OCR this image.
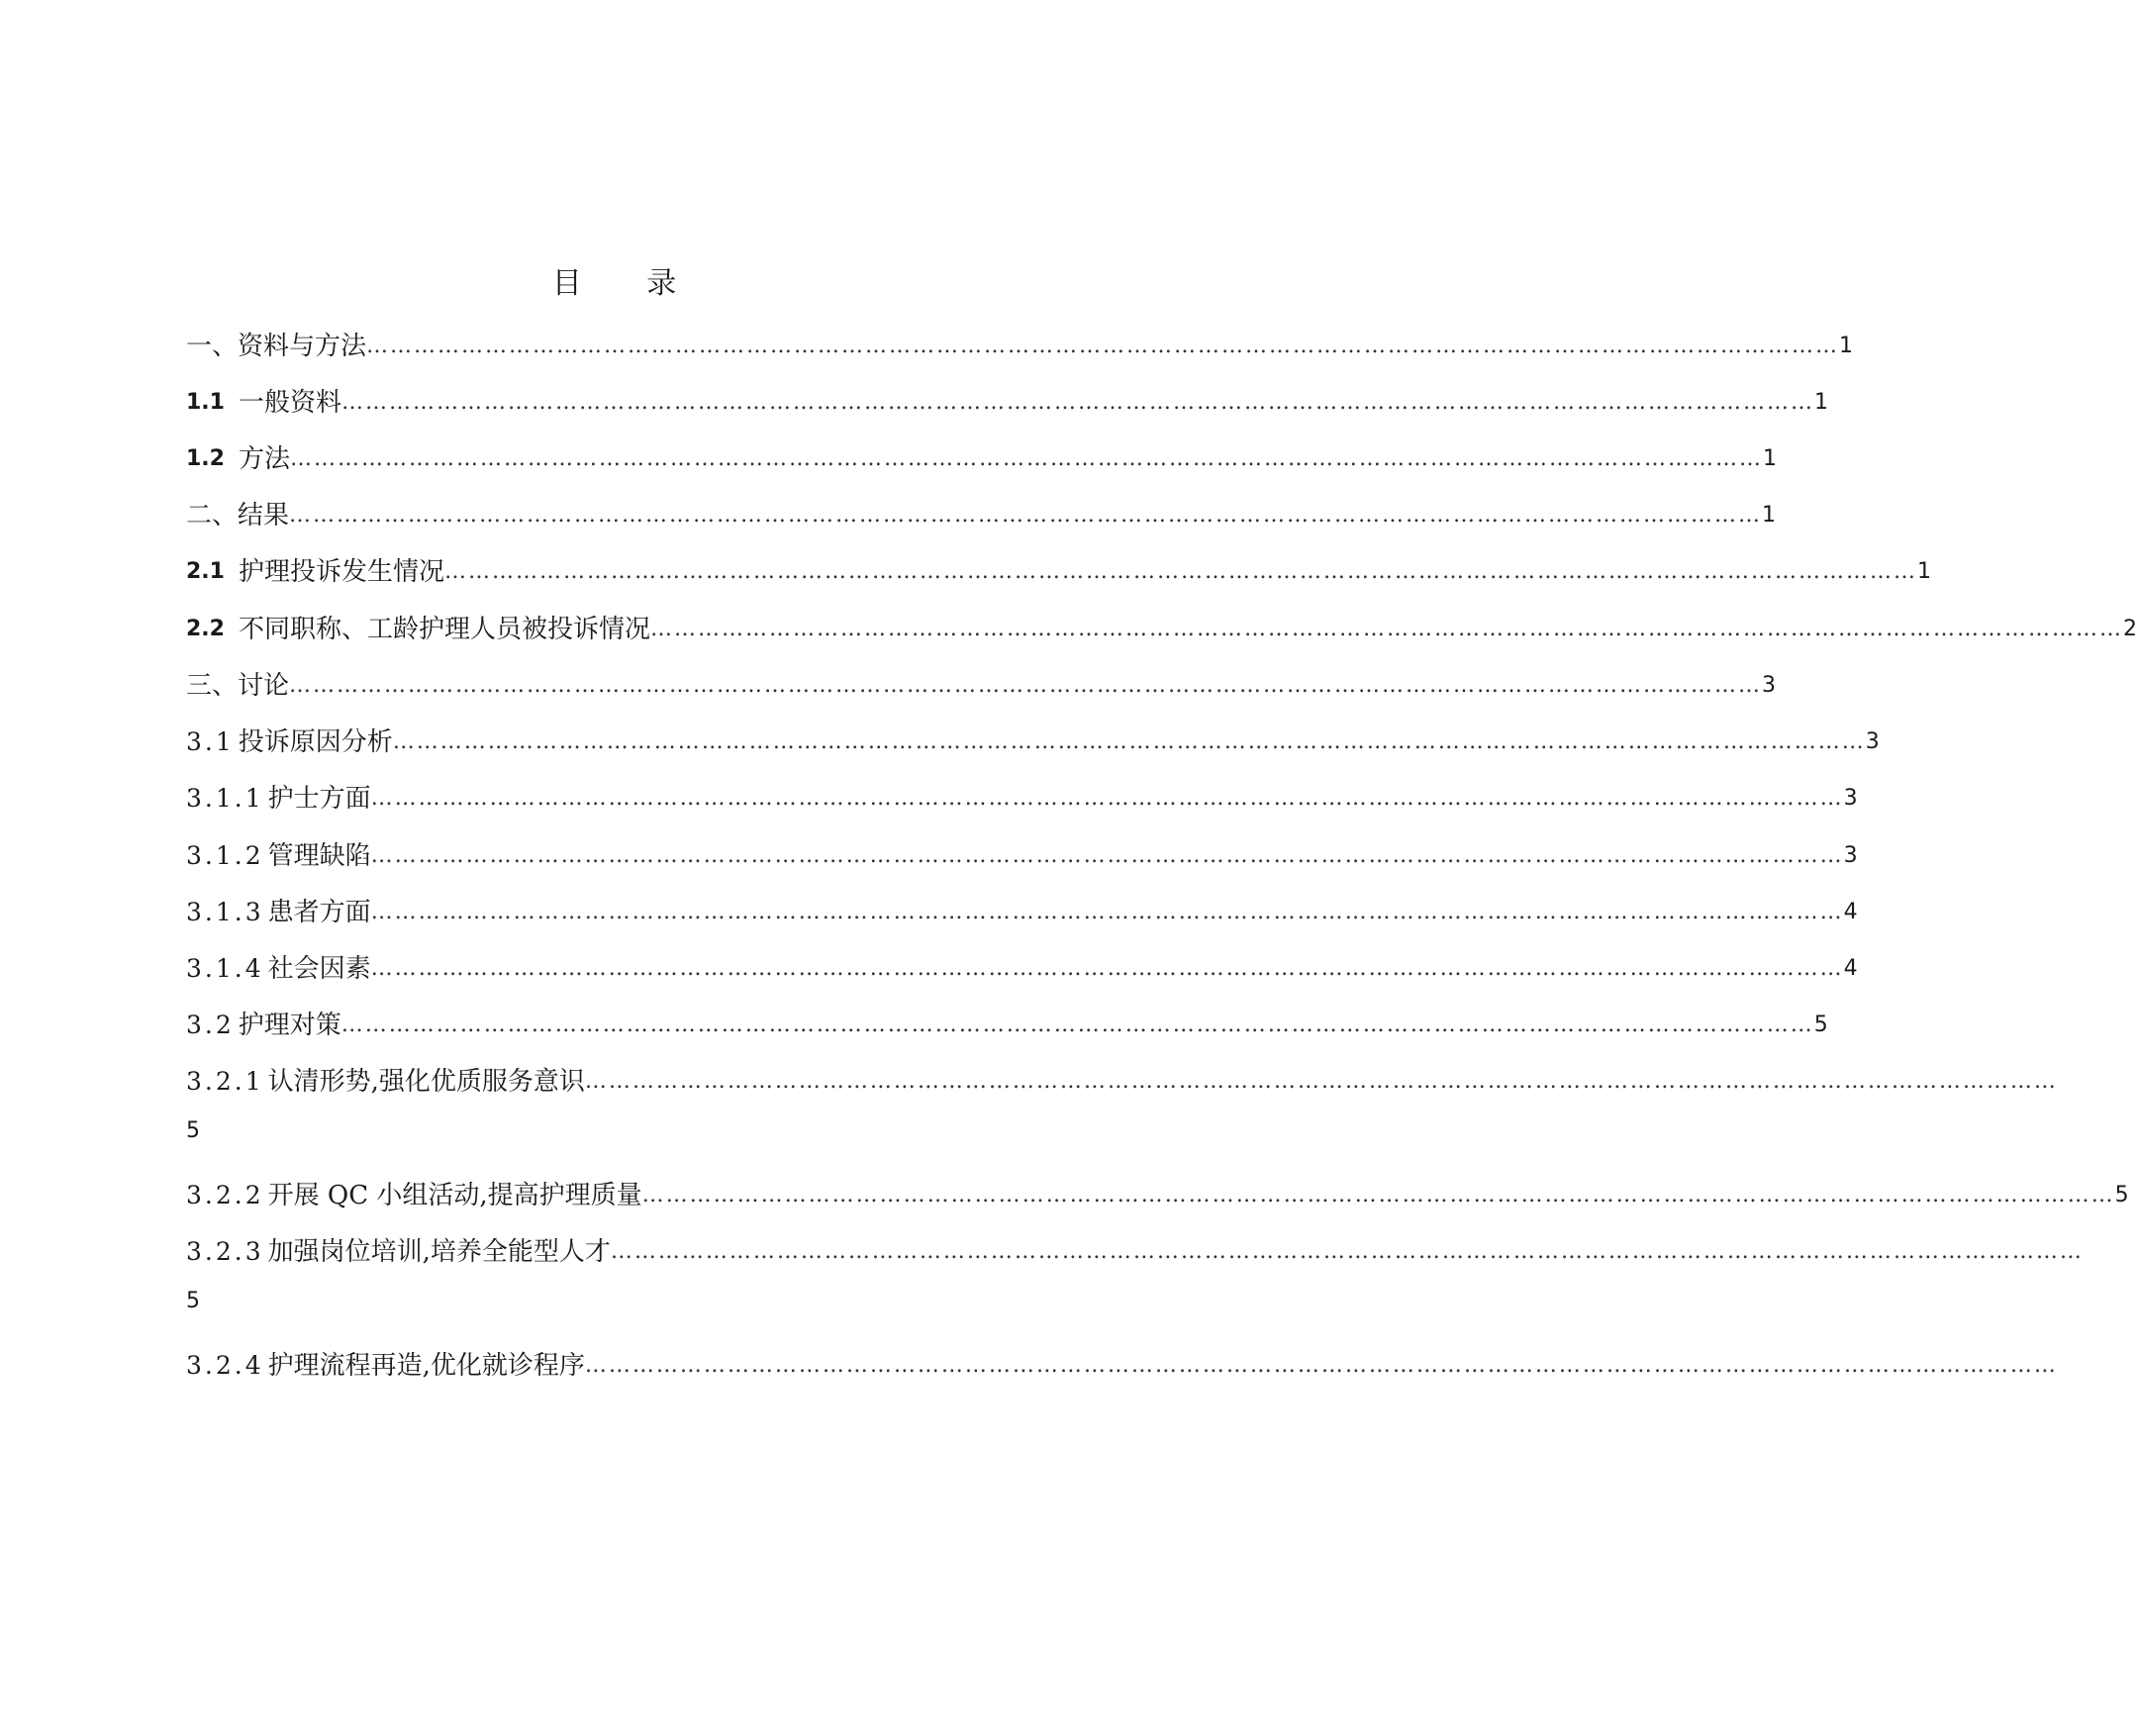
目 录
一、资料与方法 …………………………………………………………………………………………………………………………………………………………………… 1
1.1 一般资料 …………………………………………………………………………………………………………………………………………………………………… 1
1.2 方法 …………………………………………………………………………………………………………………………………………………………………… 1
二、结果 …………………………………………………………………………………………………………………………………………………………………… 1
2.1 护理投诉发生情况 …………………………………………………………………………………………………………………………………………………………………… 1
2.2 不同职称、工龄护理人员被投诉情况 …………………………………………………………………………………………………………………………………………………………………… 2
三、讨论 …………………………………………………………………………………………………………………………………………………………………… 3
3.1 投诉原因分析 …………………………………………………………………………………………………………………………………………………………………… 3
3.1.1 护士方面 …………………………………………………………………………………………………………………………………………………………………… 3
3.1.2 管理缺陷 …………………………………………………………………………………………………………………………………………………………………… 3
3.1.3 患者方面 …………………………………………………………………………………………………………………………………………………………………… 4
3.1.4 社会因素 …………………………………………………………………………………………………………………………………………………………………… 4
3.2 护理对策 …………………………………………………………………………………………………………………………………………………………………… 5
3.2.1 认清形势,强化优质服务意识 ……………………………………………………………………………………………………………………………………………………………………
3.2.2 开展 QC 小组活动,提高护理质量 …………………………………………………………………………………………………………………………………………………………………… 5
3.2.3 加强岗位培训,培养全能型人才 ……………………………………………………………………………………………………………………………………………………………………
3.2.4 护理流程再造,优化就诊程序 ……………………………………………………………………………………………………………………………………………………………………
5
5
